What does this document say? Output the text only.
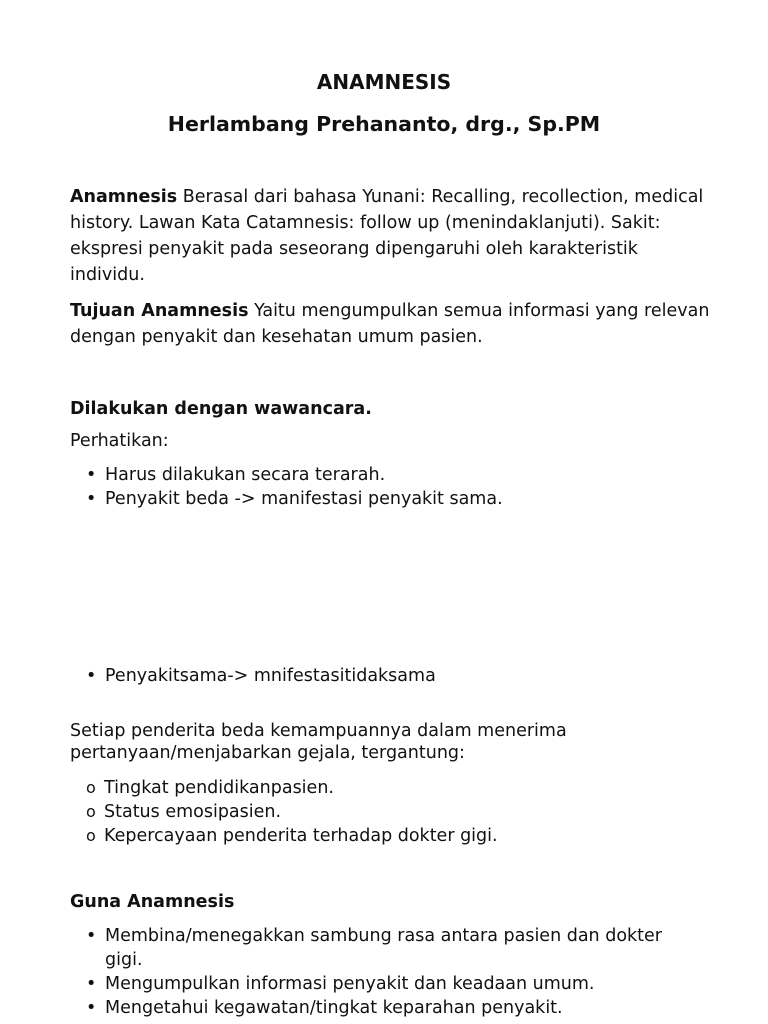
ANAMNESIS
Herlambang Prehananto, drg., Sp.PM

Anamnesis Berasal dari bahasa Yunani: Recalling, recollection, medical history. Lawan Kata Catamnesis: follow up (menindaklanjuti). Sakit: ekspresi penyakit pada seseorang dipengaruhi oleh karakteristik individu.

Tujuan Anamnesis Yaitu mengumpulkan semua informasi yang relevan dengan penyakit dan kesehatan umum pasien.

Dilakukan dengan wawancara.

Perhatikan:

• Harus dilakukan secara terarah.
• Penyakit beda -> manifestasi penyakit sama.
• Penyakitsama-> mnifestasitidaksama

Setiap penderita beda kemampuannya dalam menerima pertanyaan/menjabarkan gejala, tergantung:

o Tingkat pendidikanpasien.
o Status emosipasien.
o Kepercayaan penderita terhadap dokter gigi.

Guna Anamnesis

• Membina/menegakkan sambung rasa antara pasien dan dokter gigi.
• Mengumpulkan informasi penyakit dan keadaan umum.
• Mengetahui kegawatan/tingkat keparahan penyakit.
